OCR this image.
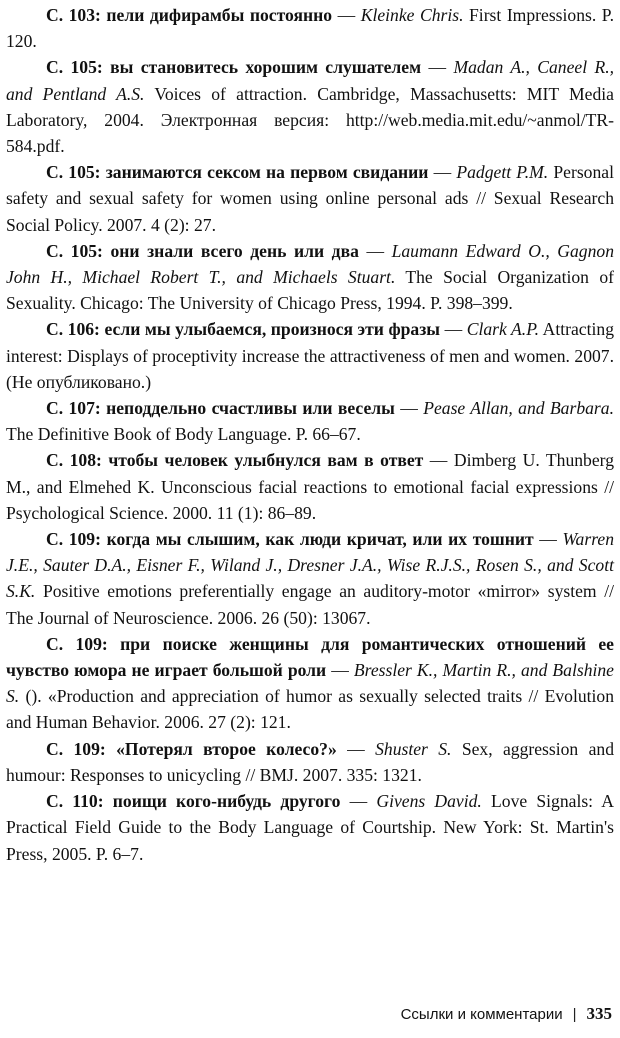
С. 103: пели дифирамбы постоянно — Kleinke Chris. First Impressions. P. 120.

С. 105: вы становитесь хорошим слушателем — Madan A., Caneel R., and Pentland A.S. Voices of attraction. Cambridge, Massachusetts: MIT Media Laboratory, 2004. Электронная версия: http://web.media.mit.edu/~anmol/TR-584.pdf.

С. 105: занимаются сексом на первом свидании — Padgett P.M. Personal safety and sexual safety for women using online personal ads // Sexual Research Social Policy. 2007. 4 (2): 27.

С. 105: они знали всего день или два — Laumann Edward O., Gagnon John H., Michael Robert T., and Michaels Stuart. The Social Organization of Sexuality. Chicago: The University of Chicago Press, 1994. P. 398–399.

С. 106: если мы улыбаемся, произнося эти фразы — Clark A.P. Attracting interest: Displays of proceptivity increase the attractiveness of men and women. 2007. (Не опубликовано.)

С. 107: неподдельно счастливы или веселы — Pease Allan, and Barbara. The Definitive Book of Body Language. P. 66–67.

С. 108: чтобы человек улыбнулся вам в ответ — Dimberg U. Thunberg M., and Elmehed K. Unconscious facial reactions to emotional facial expressions // Psychological Science. 2000. 11 (1): 86–89.

С. 109: когда мы слышим, как люди кричат, или их тошнит — Warren J.E., Sauter D.A., Eisner F., Wiland J., Dresner J.A., Wise R.J.S., Rosen S., and Scott S.K. Positive emotions preferentially engage an auditory-motor «mirror» system // The Journal of Neuroscience. 2006. 26 (50): 13067.

С. 109: при поиске женщины для романтических отношений ее чувство юмора не играет большой роли — Bressler K., Martin R., and Balshine S. (). «Production and appreciation of humor as sexually selected traits // Evolution and Human Behavior. 2006. 27 (2): 121.

С. 109: «Потерял второе колесо?» — Shuster S. Sex, aggression and humour: Responses to unicycling // BMJ. 2007. 335: 1321.

С. 110: поищи кого-нибудь другого — Givens David. Love Signals: A Practical Field Guide to the Body Language of Courtship. New York: St. Martin's Press, 2005. P. 6–7.

Ссылки и комментарии | 335
